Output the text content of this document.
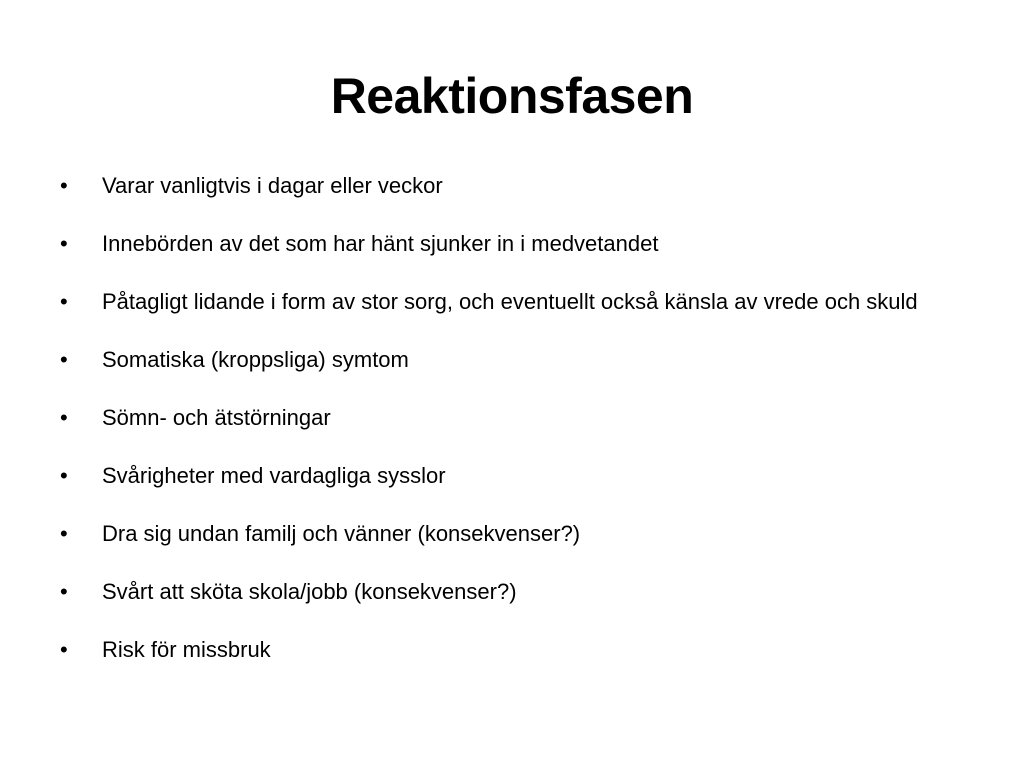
Reaktionsfasen
•	Varar vanligtvis i dagar eller veckor
•	Innebörden av det som har hänt sjunker in i medvetandet
•	Påtagligt lidande i form av stor sorg, och eventuellt också känsla av vrede och skuld
•	Somatiska (kroppsliga) symtom
•	Sömn- och ätstörningar
•	Svårigheter med vardagliga sysslor
•	Dra sig undan familj och vänner (konsekvenser?)
•	Svårt att sköta skola/jobb (konsekvenser?)
•	Risk för missbruk
